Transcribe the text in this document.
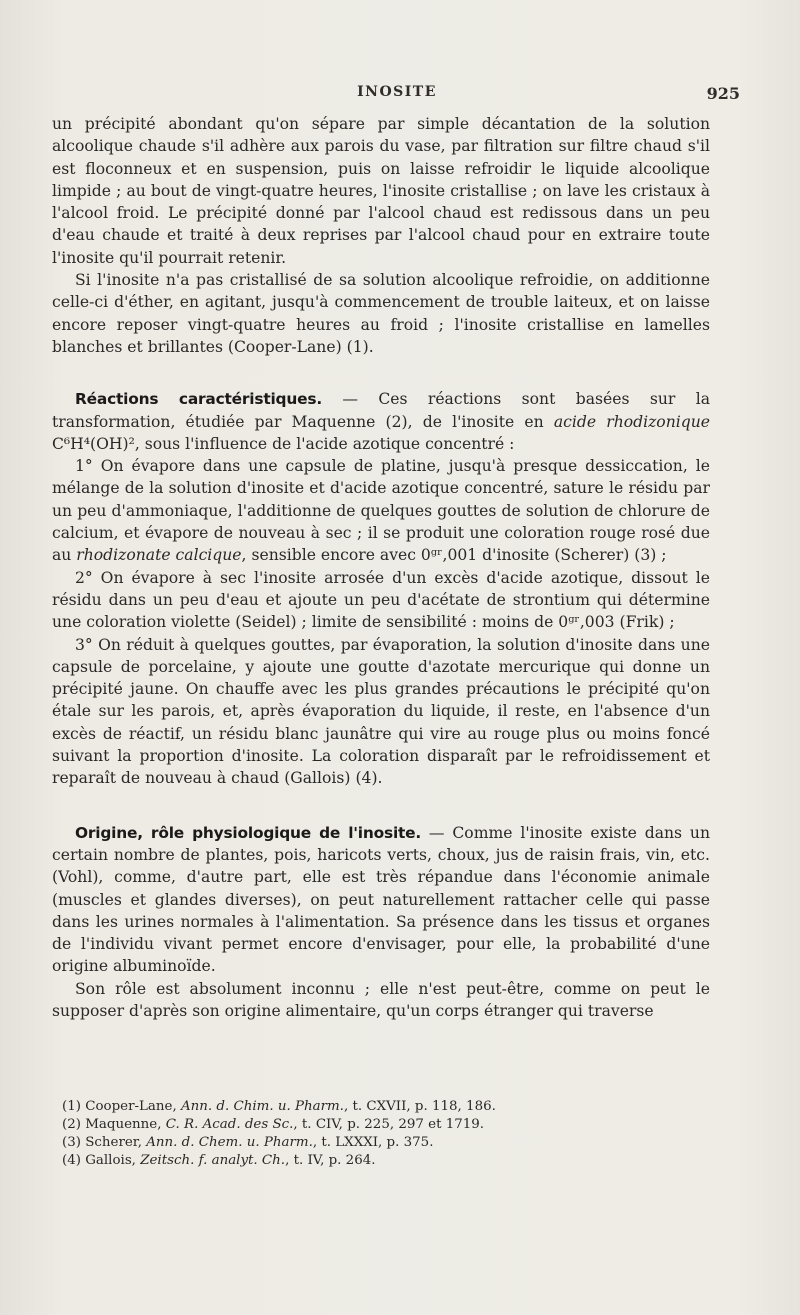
INOSITE	925

un précipité abondant qu'on sépare par simple décantation de la solution alcoolique chaude s'il adhère aux parois du vase, par filtration sur filtre chaud s'il est floconneux et en suspension, puis on laisse refroidir le liquide alcoolique limpide ; au bout de vingt-quatre heures, l'inosite cristallise ; on lave les cristaux à l'alcool froid. Le précipité donné par l'alcool chaud est redissous dans un peu d'eau chaude et traité à deux reprises par l'alcool chaud pour en extraire toute l'inosite qu'il pourrait retenir.

Si l'inosite n'a pas cristallisé de sa solution alcoolique refroidie, on additionne celle-ci d'éther, en agitant, jusqu'à commencement de trouble laiteux, et on laisse encore reposer vingt-quatre heures au froid ; l'inosite cristallise en lamelles blanches et brillantes (Cooper-Lane) (1).

Réactions caractéristiques. — Ces réactions sont basées sur la transformation, étudiée par Maquenne (2), de l'inosite en acide rhodizonique C⁶H⁴(OH)², sous l'influence de l'acide azotique concentré :

1° On évapore dans une capsule de platine, jusqu'à presque dessiccation, le mélange de la solution d'inosite et d'acide azotique concentré, sature le résidu par un peu d'ammoniaque, l'additionne de quelques gouttes de solution de chlorure de calcium, et évapore de nouveau à sec ; il se produit une coloration rouge rosé due au rhodizonate calcique, sensible encore avec 0ᵍʳ,001 d'inosite (Scherer) (3) ;

2° On évapore à sec l'inosite arrosée d'un excès d'acide azotique, dissout le résidu dans un peu d'eau et ajoute un peu d'acétate de strontium qui détermine une coloration violette (Seidel) ; limite de sensibilité : moins de 0ᵍʳ,003 (Frik) ;

3° On réduit à quelques gouttes, par évaporation, la solution d'inosite dans une capsule de porcelaine, y ajoute une goutte d'azotate mercurique qui donne un précipité jaune. On chauffe avec les plus grandes précautions le précipité qu'on étale sur les parois, et, après évaporation du liquide, il reste, en l'absence d'un excès de réactif, un résidu blanc jaunâtre qui vire au rouge plus ou moins foncé suivant la proportion d'inosite. La coloration disparaît par le refroidissement et reparaît de nouveau à chaud (Gallois) (4).

Origine, rôle physiologique de l'inosite. — Comme l'inosite existe dans un certain nombre de plantes, pois, haricots verts, choux, jus de raisin frais, vin, etc. (Vohl), comme, d'autre part, elle est très répandue dans l'économie animale (muscles et glandes diverses), on peut naturellement rattacher celle qui passe dans les urines normales à l'alimentation. Sa présence dans les tissus et organes de l'individu vivant permet encore d'envisager, pour elle, la probabilité d'une origine albuminoïde.

Son rôle est absolument inconnu ; elle n'est peut-être, comme on peut le supposer d'après son origine alimentaire, qu'un corps étranger qui traverse

(1) Cooper-Lane, Ann. d. Chim. u. Pharm., t. CXVII, p. 118, 186.
(2) Maquenne, C. R. Acad. des Sc., t. CIV, p. 225, 297 et 1719.
(3) Scherer, Ann. d. Chem. u. Pharm., t. LXXXI, p. 375.
(4) Gallois, Zeitsch. f. analyt. Ch., t. IV, p. 264.
